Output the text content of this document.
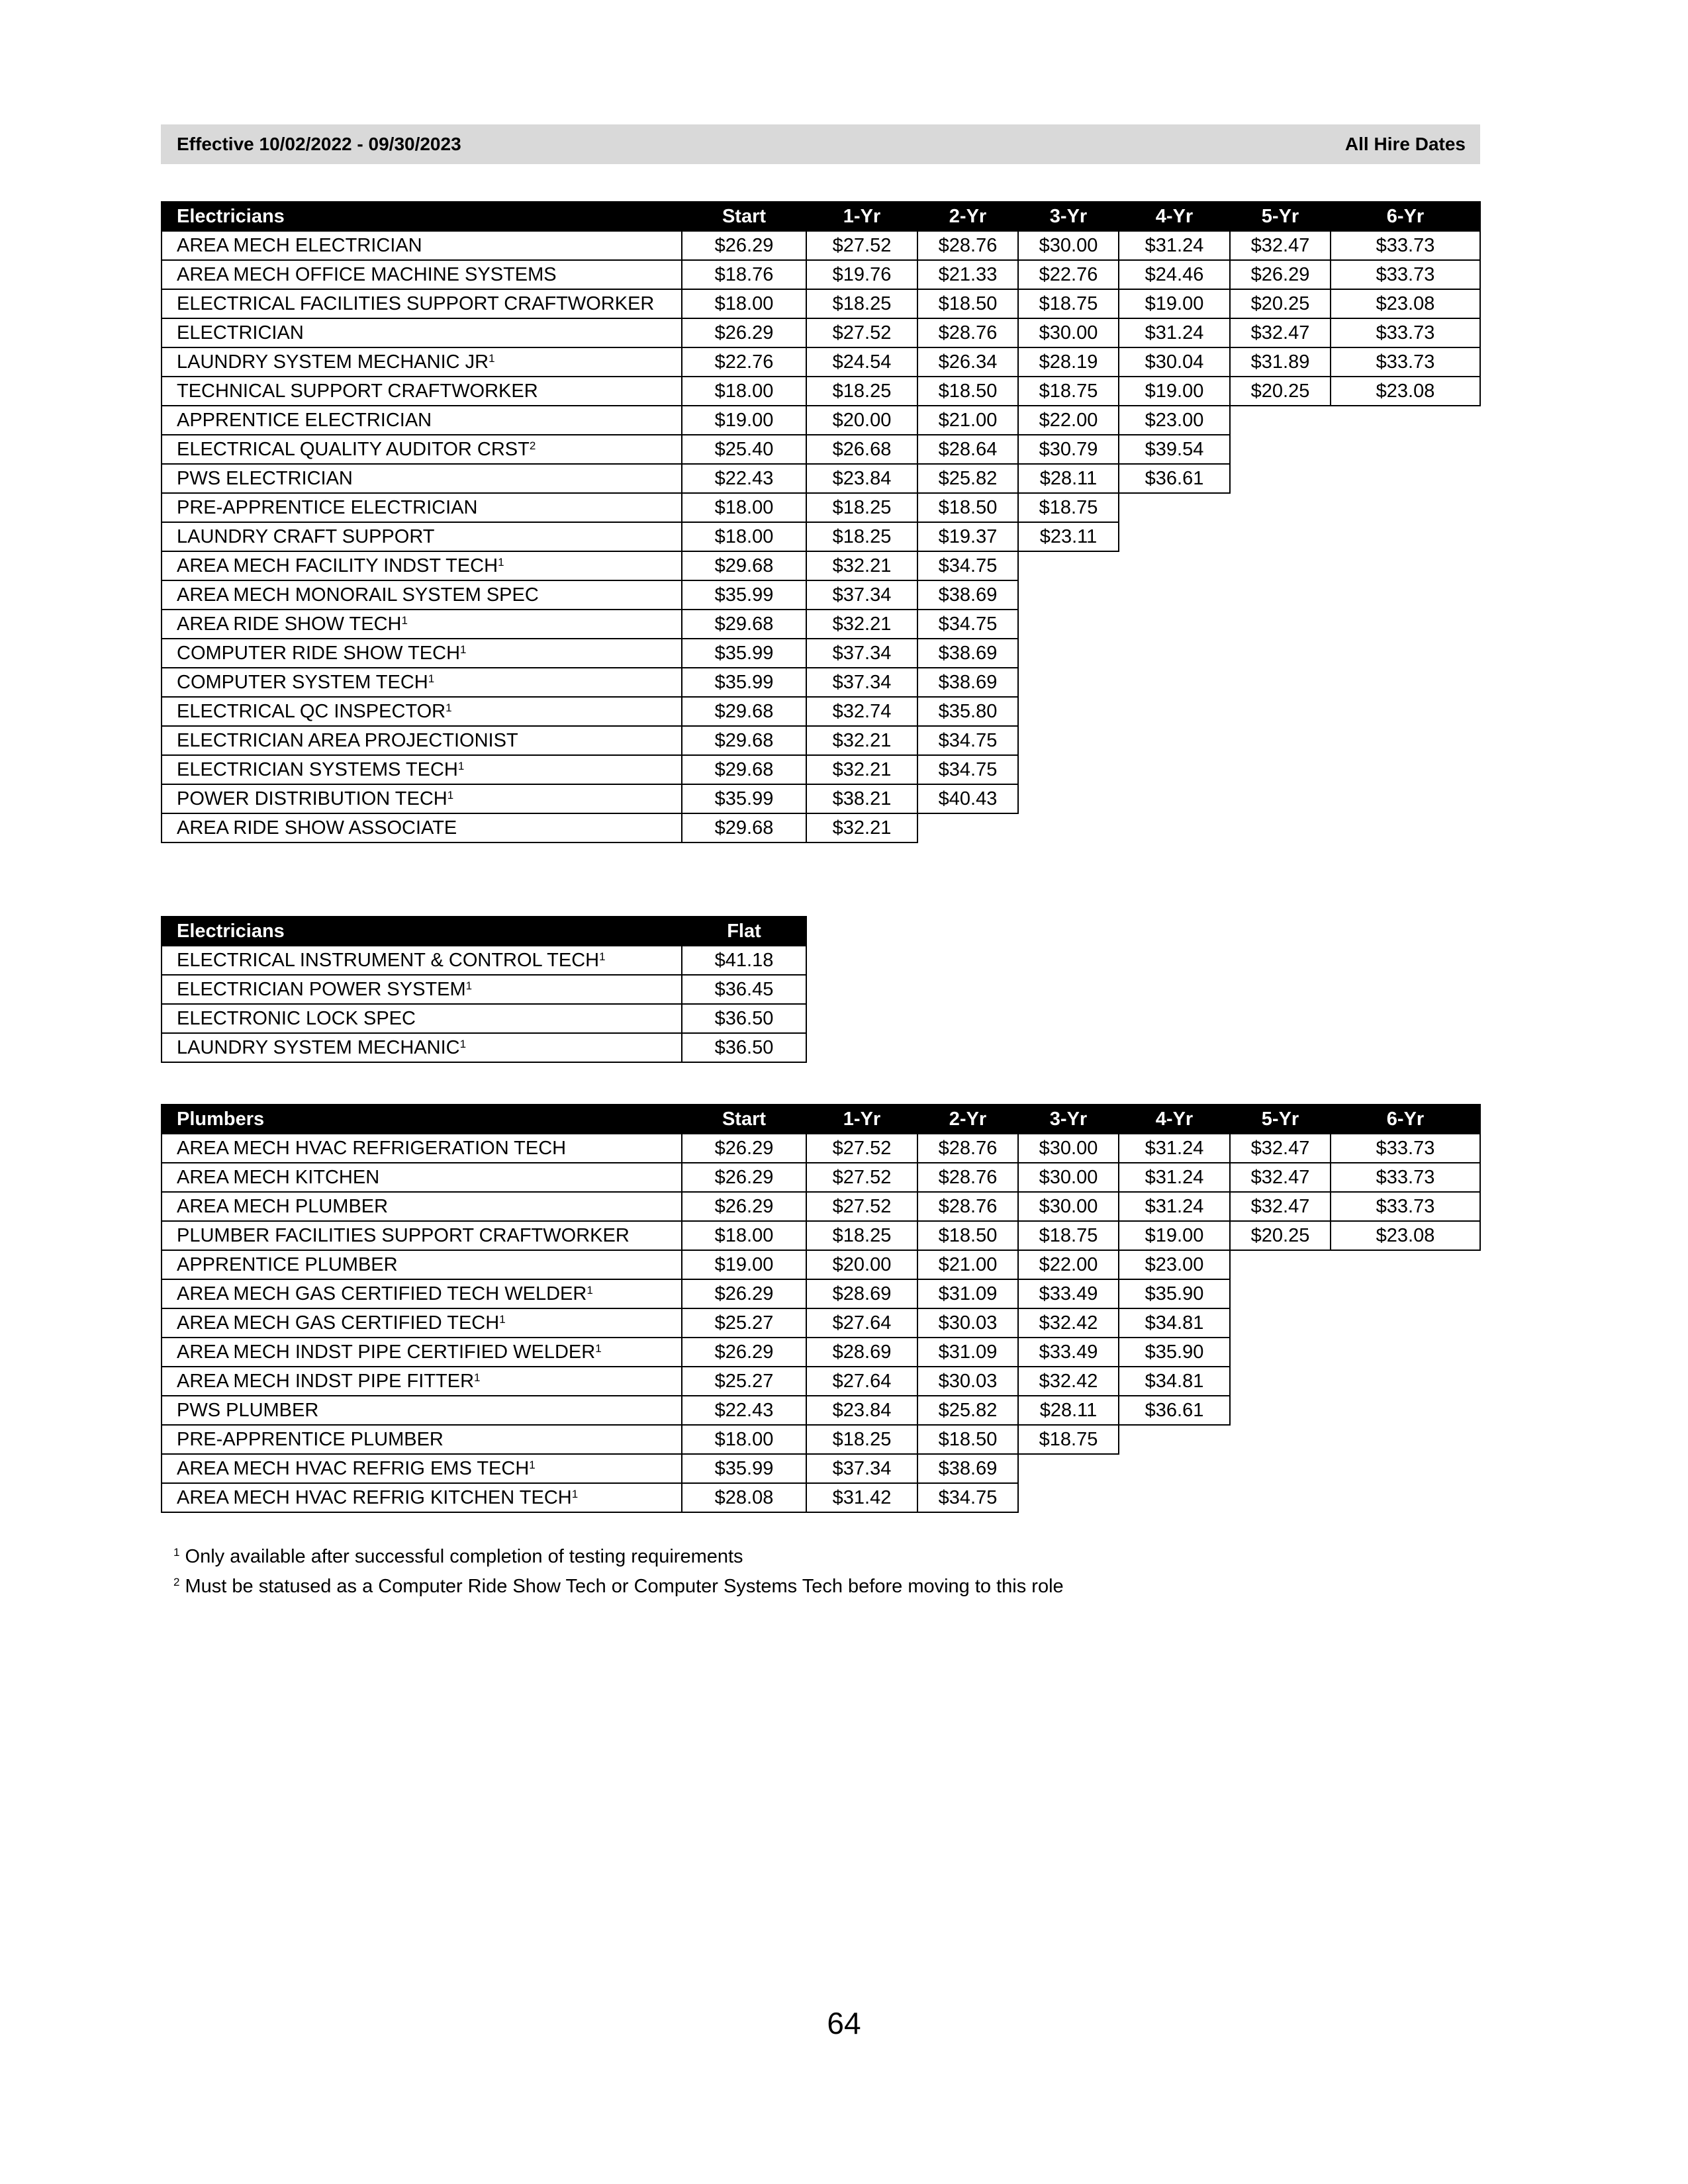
Effective 10/02/2022 - 09/30/2023	All Hire Dates
Electricians	Start	1-Yr	2-Yr	3-Yr	4-Yr	5-Yr	6-Yr
AREA MECH ELECTRICIAN	$26.29	$27.52	$28.76	$30.00	$31.24	$32.47	$33.73
AREA MECH OFFICE MACHINE SYSTEMS	$18.76	$19.76	$21.33	$22.76	$24.46	$26.29	$33.73
ELECTRICAL FACILITIES SUPPORT CRAFTWORKER	$18.00	$18.25	$18.50	$18.75	$19.00	$20.25	$23.08
ELECTRICIAN	$26.29	$27.52	$28.76	$30.00	$31.24	$32.47	$33.73
LAUNDRY SYSTEM MECHANIC $JR^1$	$22.76	$24.54	$26.34	$28.19	$30.04	$31.89	$33.73
TECHNICAL SUPPORT CRAFTWORKER	$18.00	$18.25	$18.50	$18.75	$19.00	$20.25	$23.08
APPRENTICE ELECTRICIAN	$19.00	$20.00	$21.00	$22.00	$23.00		
ELECTRICAL QUALITY AUDITOR CRST$^2$	$25.40	$26.68	$28.64	$30.79	$39.54		
PWS ELECTRICIAN	$22.43	$23.84	$25.82	$28.11	$36.61		
PRE-APPRENTICE ELECTRICIAN	$18.00	$18.25	$18.50	$18.75			
LAUNDRY CRAFT SUPPORT	$18.00	$18.25	$19.37	$23.11			
AREA MECH FACILITY INDST TECH$^1$	$29.68	$32.21	$34.75				
AREA MECH MONORAIL SYSTEM SPEC	$35.99	$37.34	$38.69				
AREA RIDE SHOW TECH$^1$	$29.68	$32.21	$34.75				
COMPUTER RIDE SHOW TECH$^1$	$35.99	$37.34	$38.69				
COMPUTER SYSTEM TECH$^1$	$35.99	$37.34	$38.69				
ELECTRICAL QC INSPECTOR$^1$	$29.68	$32.74	$35.80				
ELECTRICIAN AREA PROJECTIONIST	$29.68	$32.21	$34.75				
ELECTRICIAN SYSTEMS TECH$^1$	$29.68	$32.21	$34.75				
POWER DISTRIBUTION TECH$^1$	$35.99	$38.21	$40.43				
AREA RIDE SHOW ASSOCIATE	$29.68	$32.21					
Electricians	Flat
ELECTRICAL INSTRUMENT & CONTROL TECH$^1$	$41.18
ELECTRICIAN POWER SYSTEM$^1$	$36.45
ELECTRONIC LOCK SPEC	$36.50
LAUNDRY SYSTEM MECHANIC$^1$	$36.50
Plumbers	Start	1-Yr	2-Yr	3-Yr	4-Yr	5-Yr	6-Yr
AREA MECH HVAC REFRIGERATION TECH	$26.29	$27.52	$28.76	$30.00	$31.24	$32.47	$33.73
AREA MECH KITCHEN	$26.29	$27.52	$28.76	$30.00	$31.24	$32.47	$33.73
AREA MECH PLUMBER	$26.29	$27.52	$28.76	$30.00	$31.24	$32.47	$33.73
PLUMBER FACILITIES SUPPORT CRAFTWORKER	$18.00	$18.25	$18.50	$18.75	$19.00	$20.25	$23.08
APPRENTICE PLUMBER	$19.00	$20.00	$21.00	$22.00	$23.00		
AREA MECH GAS CERTIFIED TECH WELDER$^1$	$26.29	$28.69	$31.09	$33.49	$35.90		
AREA MECH GAS CERTIFIED TECH$^1$	$25.27	$27.64	$30.03	$32.42	$34.81		
AREA MECH INDST PIPE CERTIFIED WELDER$^1$	$26.29	$28.69	$31.09	$33.49	$35.90		
AREA MECH INDST PIPE FITTER$^1$	$25.27	$27.64	$30.03	$32.42	$34.81		
PWS PLUMBER	$22.43	$23.84	$25.82	$28.11	$36.61		
PRE-APPRENTICE PLUMBER	$18.00	$18.25	$18.50	$18.75			
AREA MECH HVAC REFRIG EMS TECH$^1$	$35.99	$37.34	$38.69				
AREA MECH HVAC REFRIG KITCHEN TECH$^1$	$28.08	$31.42	$34.75				
$^1$ Only available after successful completion of testing requirements
$^2$ Must be statused as a Computer Ride Show Tech or Computer Systems Tech before moving to this role
64
